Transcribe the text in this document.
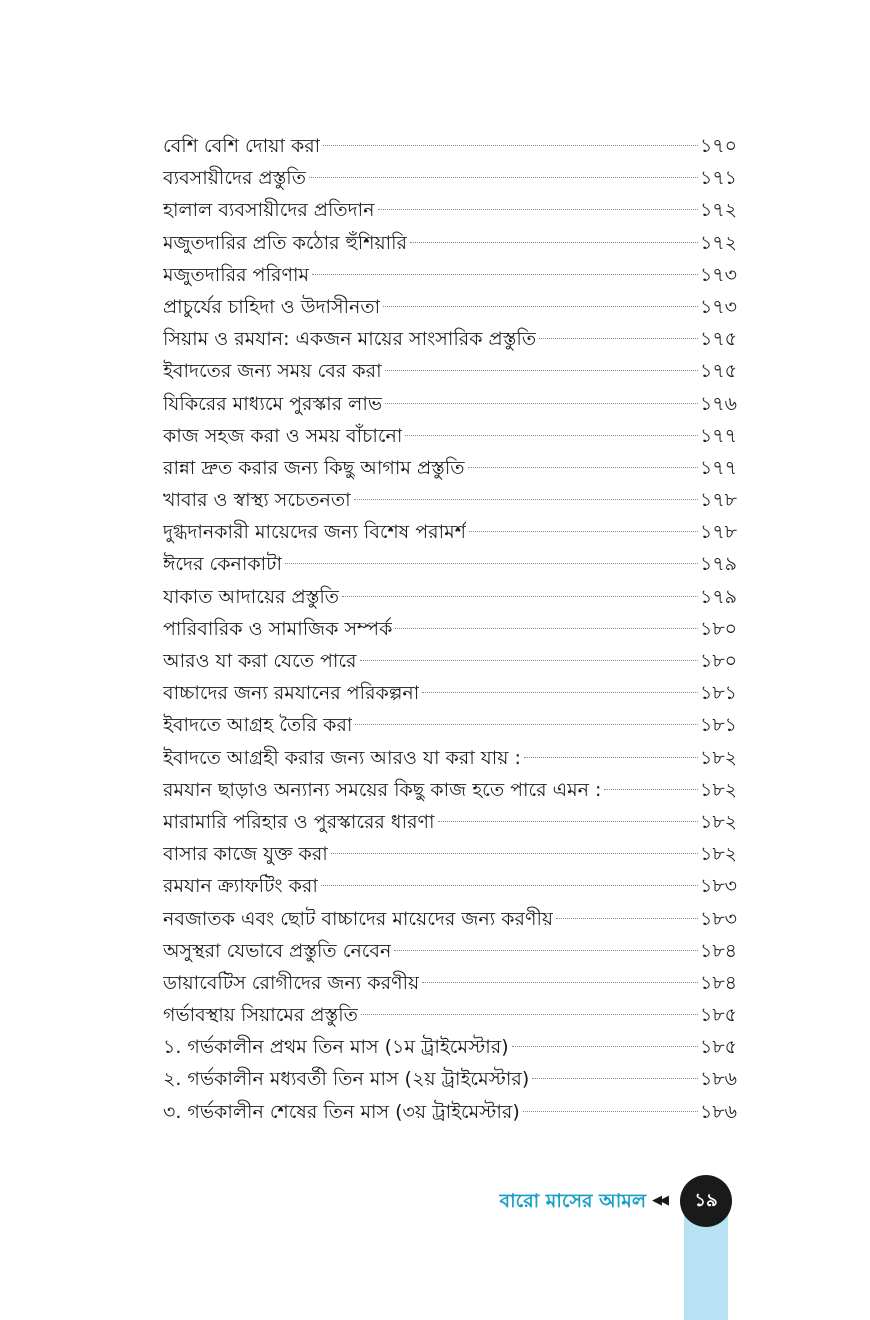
বেশি বেশি দোয়া করা	১৭০
ব্যবসায়ীদের প্রস্তুতি	১৭১
হালাল ব্যবসায়ীদের প্রতিদান	১৭২
মজুতদারির প্রতি কঠোর হুঁশিয়ারি	১৭২
মজুতদারির পরিণাম	১৭৩
প্রাচুর্যের চাহিদা ও উদাসীনতা	১৭৩
সিয়াম ও রমযান: একজন মায়ের সাংসারিক প্রস্তুতি	১৭৫
ইবাদতের জন্য সময় বের করা	১৭৫
যিকিরের মাধ্যমে পুরস্কার লাভ	১৭৬
কাজ সহজ করা ও সময় বাঁচানো	১৭৭
রান্না দ্রুত করার জন্য কিছু আগাম প্রস্তুতি	১৭৭
খাবার ও স্বাস্থ্য সচেতনতা	১৭৮
দুগ্ধদানকারী মায়েদের জন্য বিশেষ পরামর্শ	১৭৮
ঈদের কেনাকাটা	১৭৯
যাকাত আদায়ের প্রস্তুতি	১৭৯
পারিবারিক ও সামাজিক সম্পর্ক	১৮০
আরও যা করা যেতে পারে	১৮০
বাচ্চাদের জন্য রমযানের পরিকল্পনা	১৮১
ইবাদতে আগ্রহ তৈরি করা	১৮১
ইবাদতে আগ্রহী করার জন্য আরও যা করা যায় :	১৮২
রমযান ছাড়াও অন্যান্য সময়ের কিছু কাজ হতে পারে এমন :	১৮২
মারামারি পরিহার ও পুরস্কারের ধারণা	১৮২
বাসার কাজে যুক্ত করা	১৮২
রমযান ক্র্যাফটিং করা	১৮৩
নবজাতক এবং ছোট বাচ্চাদের মায়েদের জন্য করণীয়	১৮৩
অসুস্থরা যেভাবে প্রস্তুতি নেবেন	১৮৪
ডায়াবেটিস রোগীদের জন্য করণীয়	১৮৪
গর্ভাবস্থায় সিয়ামের প্রস্তুতি	১৮৫
১. গর্ভকালীন প্রথম তিন মাস (১ম ট্রাইমেস্টার)	১৮৫
২. গর্ভকালীন মধ্যবর্তী তিন মাস (২য় ট্রাইমেস্টার)	১৮৬
৩. গর্ভকালীন শেষের তিন মাস (৩য় ট্রাইমেস্টার)	১৮৬
বারো মাসের আমল ◀◀ ১৯
